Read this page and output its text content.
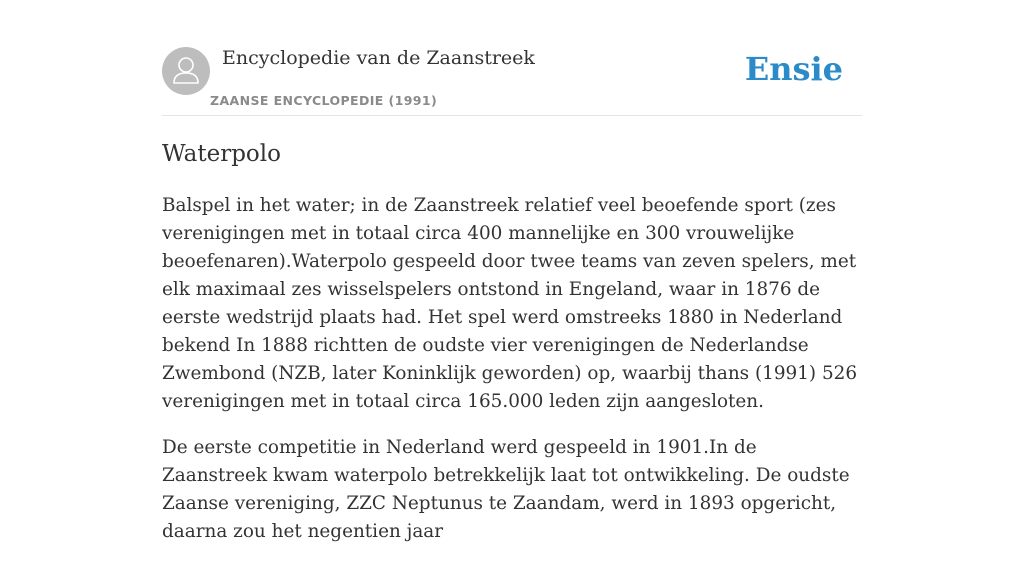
Encyclopedie van de Zaanstreek
ZAANSE ENCYCLOPEDIE (1991)
Ensie
Waterpolo

Balspel in het water; in de Zaanstreek relatief veel beoefende sport (zes verenigingen met in totaal circa 400 mannelijke en 300 vrouwelijke beoefenaren).Waterpolo gespeeld door twee teams van zeven spelers, met elk maximaal zes wisselspelers ontstond in Engeland, waar in 1876 de eerste wedstrijd plaats had. Het spel werd omstreeks 1880 in Nederland bekend In 1888 richtten de oudste vier verenigingen de Nederlandse Zwembond (NZB, later Koninklijk geworden) op, waarbij thans (1991) 526 verenigingen met in totaal circa 165.000 leden zijn aangesloten.

De eerste competitie in Nederland werd gespeeld in 1901.In de Zaanstreek kwam waterpolo betrekkelijk laat tot ontwikkeling. De oudste Zaanse vereniging, ZZC Neptunus te Zaandam, werd in 1893 opgericht, daarna zou het negentien jaar
